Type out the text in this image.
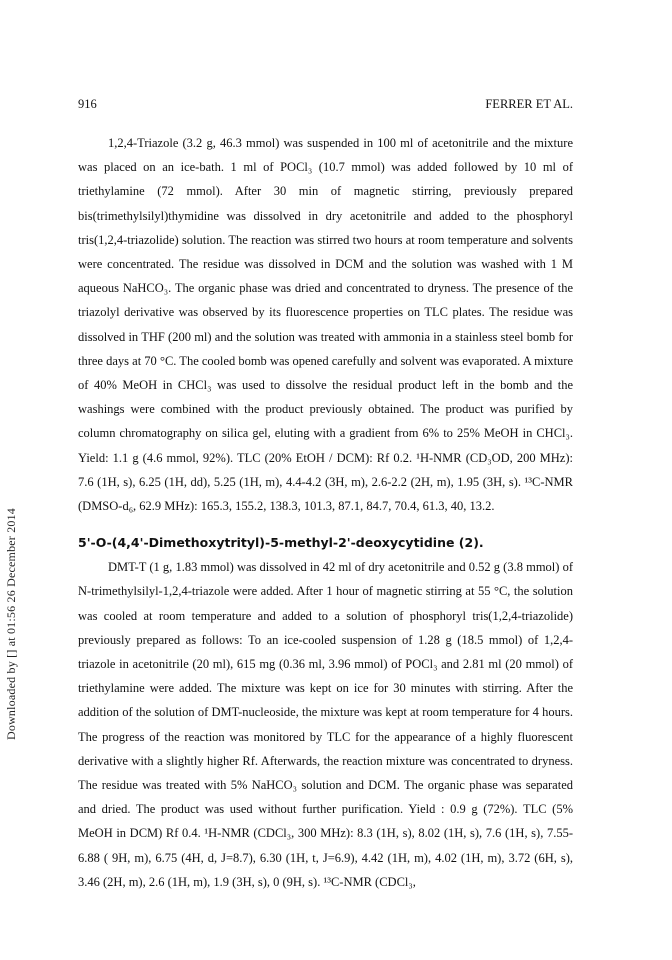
916	FERRER ET AL.
Downloaded by [] at 01:56 26 December 2014

1,2,4-Triazole (3.2 g, 46.3 mmol) was suspended in 100 ml of acetonitrile and the mixture was placed on an ice-bath. 1 ml of POCl₃ (10.7 mmol) was added followed by 10 ml of triethylamine (72 mmol). After 30 min of magnetic stirring, previously prepared bis(trimethylsilyl)thymidine was dissolved in dry acetonitrile and added to the phosphoryl tris(1,2,4-triazolide) solution. The reaction was stirred two hours at room temperature and solvents were concentrated. The residue was dissolved in DCM and the solution was washed with 1 M aqueous NaHCO₃. The organic phase was dried and concentrated to dryness. The presence of the triazolyl derivative was observed by its fluorescence properties on TLC plates. The residue was dissolved in THF (200 ml) and the solution was treated with ammonia in a stainless steel bomb for three days at 70 °C. The cooled bomb was opened carefully and solvent was evaporated. A mixture of 40% MeOH in CHCl₃ was used to dissolve the residual product left in the bomb and the washings were combined with the product previously obtained. The product was purified by column chromatography on silica gel, eluting with a gradient from 6% to 25% MeOH in CHCl₃. Yield: 1.1 g (4.6 mmol, 92%). TLC (20% EtOH / DCM): Rf 0.2. ¹H-NMR (CD₃OD, 200 MHz): 7.6 (1H, s), 6.25 (1H, dd), 5.25 (1H, m), 4.4-4.2 (3H, m), 2.6-2.2 (2H, m), 1.95 (3H, s). ¹³C-NMR (DMSO-d₆, 62.9 MHz): 165.3, 155.2, 138.3, 101.3, 87.1, 84.7, 70.4, 61.3, 40, 13.2.

5'-O-(4,4'-Dimethoxytrityl)-5-methyl-2'-deoxycytidine (2).

DMT-T (1 g, 1.83 mmol) was dissolved in 42 ml of dry acetonitrile and 0.52 g (3.8 mmol) of N-trimethylsilyl-1,2,4-triazole were added. After 1 hour of magnetic stirring at 55 °C, the solution was cooled at room temperature and added to a solution of phosphoryl tris(1,2,4-triazolide) previously prepared as follows: To an ice-cooled suspension of 1.28 g (18.5 mmol) of 1,2,4-triazole in acetonitrile (20 ml), 615 mg (0.36 ml, 3.96 mmol) of POCl₃ and 2.81 ml (20 mmol) of triethylamine were added. The mixture was kept on ice for 30 minutes with stirring. After the addition of the solution of DMT-nucleoside, the mixture was kept at room temperature for 4 hours. The progress of the reaction was monitored by TLC for the appearance of a highly fluorescent derivative with a slightly higher Rf. Afterwards, the reaction mixture was concentrated to dryness. The residue was treated with 5% NaHCO₃ solution and DCM. The organic phase was separated and dried. The product was used without further purification. Yield : 0.9 g (72%). TLC (5% MeOH in DCM) Rf 0.4. ¹H-NMR (CDCl₃, 300 MHz): 8.3 (1H, s), 8.02 (1H, s), 7.6 (1H, s), 7.55-6.88 ( 9H, m), 6.75 (4H, d, J=8.7), 6.30 (1H, t, J=6.9), 4.42 (1H, m), 4.02 (1H, m), 3.72 (6H, s), 3.46 (2H, m), 2.6 (1H, m), 1.9 (3H, s), 0 (9H, s). ¹³C-NMR (CDCl₃,
